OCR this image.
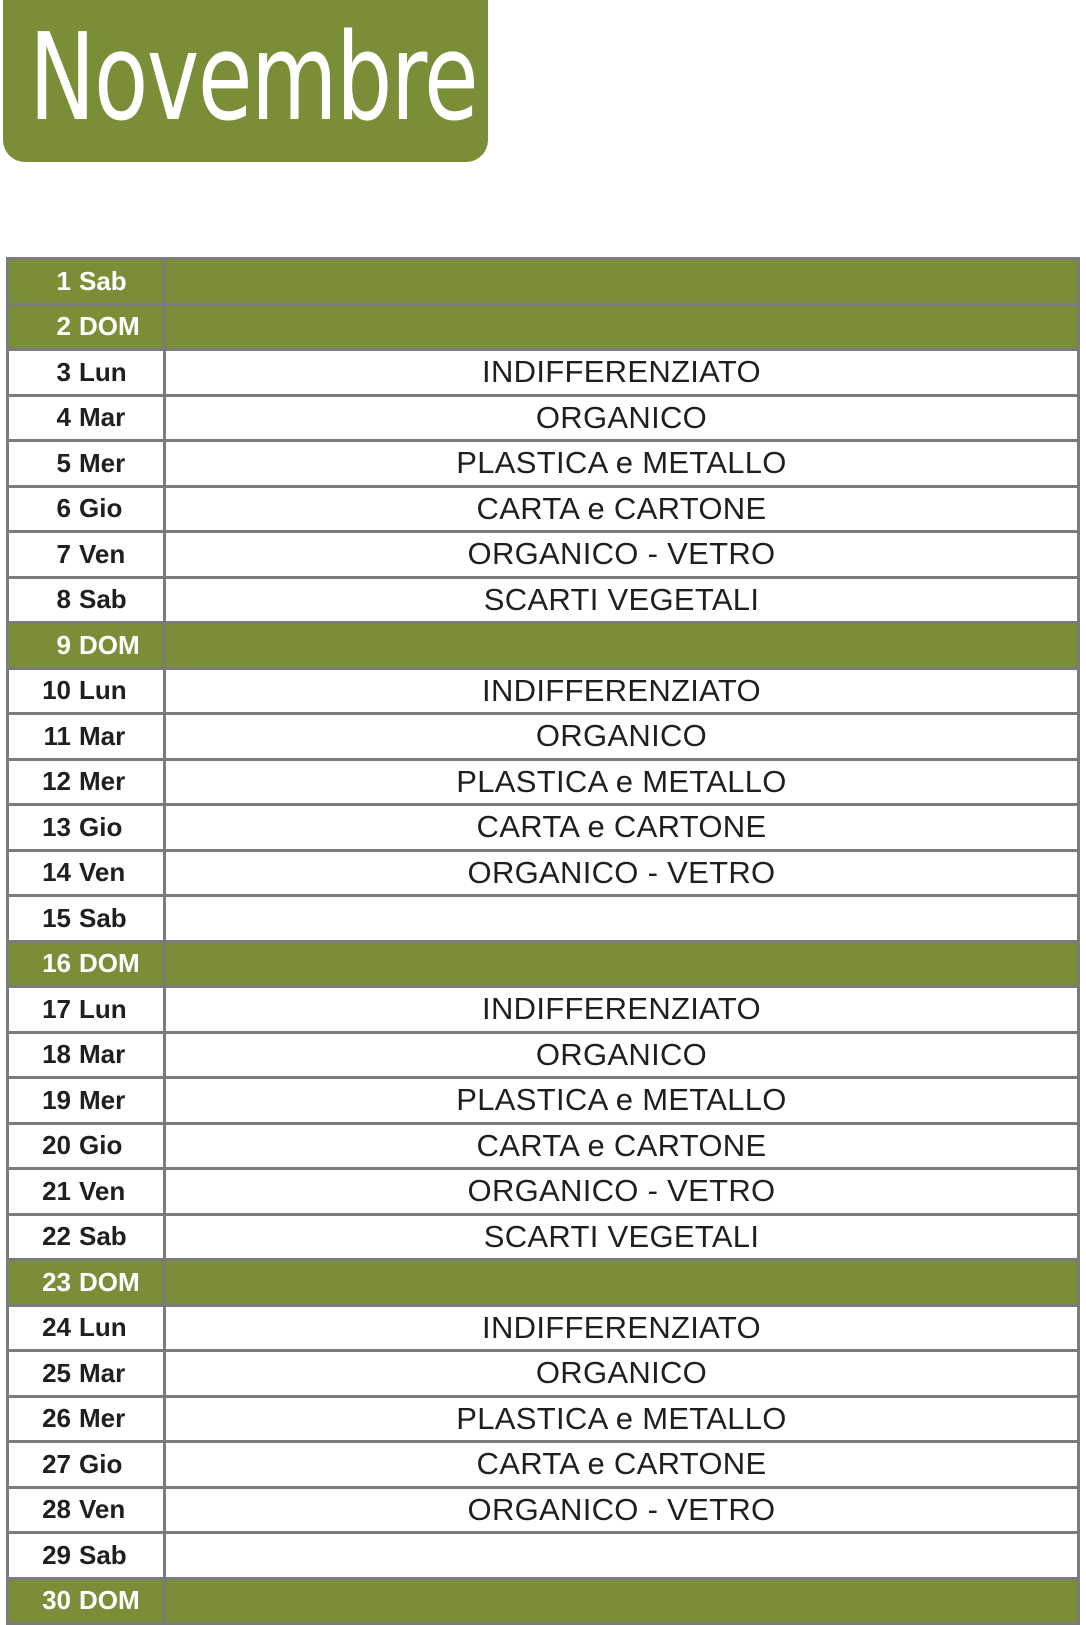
Novembre
1 Sab	
2 DOM	
3 Lun	INDIFFERENZIATO
4 Mar	ORGANICO
5 Mer	PLASTICA e METALLO
6 Gio	CARTA e CARTONE
7 Ven	ORGANICO - VETRO
8 Sab	SCARTI VEGETALI
9 DOM	
10 Lun	INDIFFERENZIATO
11 Mar	ORGANICO
12 Mer	PLASTICA e METALLO
13 Gio	CARTA e CARTONE
14 Ven	ORGANICO - VETRO
15 Sab	
16 DOM	
17 Lun	INDIFFERENZIATO
18 Mar	ORGANICO
19 Mer	PLASTICA e METALLO
20 Gio	CARTA e CARTONE
21 Ven	ORGANICO - VETRO
22 Sab	SCARTI VEGETALI
23 DOM	
24 Lun	INDIFFERENZIATO
25 Mar	ORGANICO
26 Mer	PLASTICA e METALLO
27 Gio	CARTA e CARTONE
28 Ven	ORGANICO - VETRO
29 Sab	
30 DOM	
